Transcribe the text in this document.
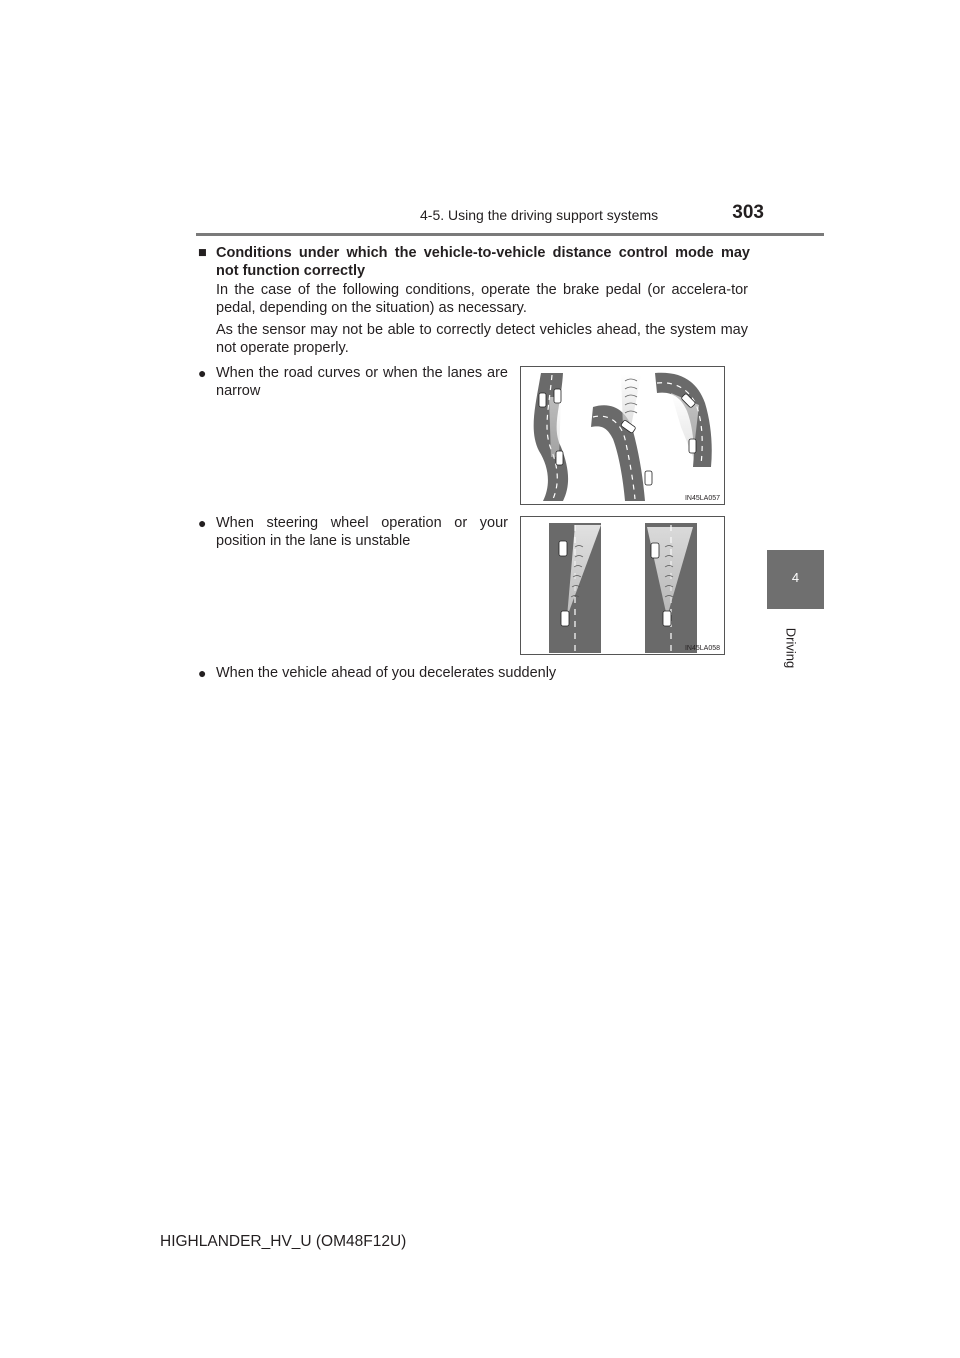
4-5. Using the driving support systems	303
4
Driving
■ Conditions under which the vehicle-to-vehicle distance control mode may not function correctly
In the case of the following conditions, operate the brake pedal (or accelera-tor pedal, depending on the situation) as necessary.
As the sensor may not be able to correctly detect vehicles ahead, the system may not operate properly.
● When the road curves or when the lanes are narrow
IN45LA057
● When steering wheel operation or your position in the lane is unstable
IN45LA058
● When the vehicle ahead of you decelerates suddenly
HIGHLANDER_HV_U (OM48F12U)
